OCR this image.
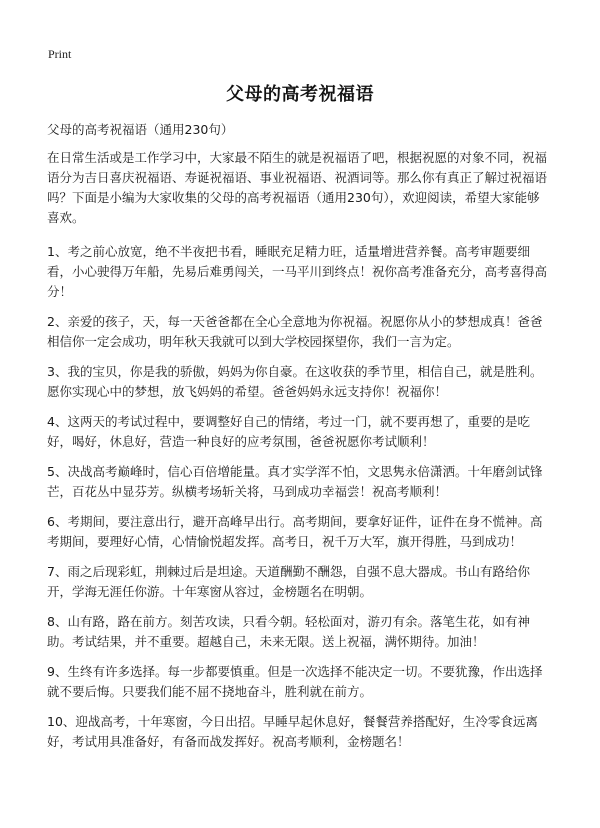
Print
父母的高考祝福语

父母的高考祝福语（通用230句）

在日常生活或是工作学习中，大家最不陌生的就是祝福语了吧，根据祝愿的对象不同，祝福语分为吉日喜庆祝福语、寿诞祝福语、事业祝福语、祝酒词等。那么你有真正了解过祝福语吗？下面是小编为大家收集的父母的高考祝福语（通用230句），欢迎阅读，希望大家能够喜欢。

1、考之前心放宽，绝不半夜把书看，睡眠充足精力旺，适量增进营养餐。高考审题要细看，小心驶得万年船，先易后难勇闯关，一马平川到终点！祝你高考准备充分，高考喜得高分！

2、亲爱的孩子，天，每一天爸爸都在全心全意地为你祝福。祝愿你从小的梦想成真！爸爸相信你一定会成功，明年秋天我就可以到大学校园探望你，我们一言为定。

3、我的宝贝，你是我的骄傲，妈妈为你自豪。在这收获的季节里，相信自己，就是胜利。愿你实现心中的梦想，放飞妈妈的希望。爸爸妈妈永远支持你！祝福你！

4、这两天的考试过程中，要调整好自己的情绪，考过一门，就不要再想了，重要的是吃好，喝好，休息好，营造一种良好的应考氛围，爸爸祝愿你考试顺利！

5、决战高考巅峰时，信心百倍增能量。真才实学浑不怕，文思隽永倍潇洒。十年磨剑试锋芒，百花丛中显芬芳。纵横考场斩关将，马到成功幸福尝！祝高考顺利！

6、考期间，要注意出行，避开高峰早出行。高考期间，要拿好证件，证件在身不慌神。高考期间，要理好心情，心情愉悦超发挥。高考日，祝千万大军，旗开得胜，马到成功！

7、雨之后现彩虹，荆棘过后是坦途。天道酬勤不酬怨，自强不息大器成。书山有路给你开，学海无涯任你游。十年寒窗从容过，金榜题名在明朝。

8、山有路，路在前方。刻苦攻读，只看今朝。轻松面对，游刃有余。落笔生花，如有神助。考试结果，并不重要。超越自己，未来无限。送上祝福，满怀期待。加油！

9、生终有许多选择。每一步都要慎重。但是一次选择不能决定一切。不要犹豫，作出选择就不要后悔。只要我们能不屈不挠地奋斗，胜利就在前方。

10、迎战高考，十年寒窗，今日出招。早睡早起休息好，餐餐营养搭配好，生冷零食远离好，考试用具准备好，有备而战发挥好。祝高考顺利，金榜题名！
